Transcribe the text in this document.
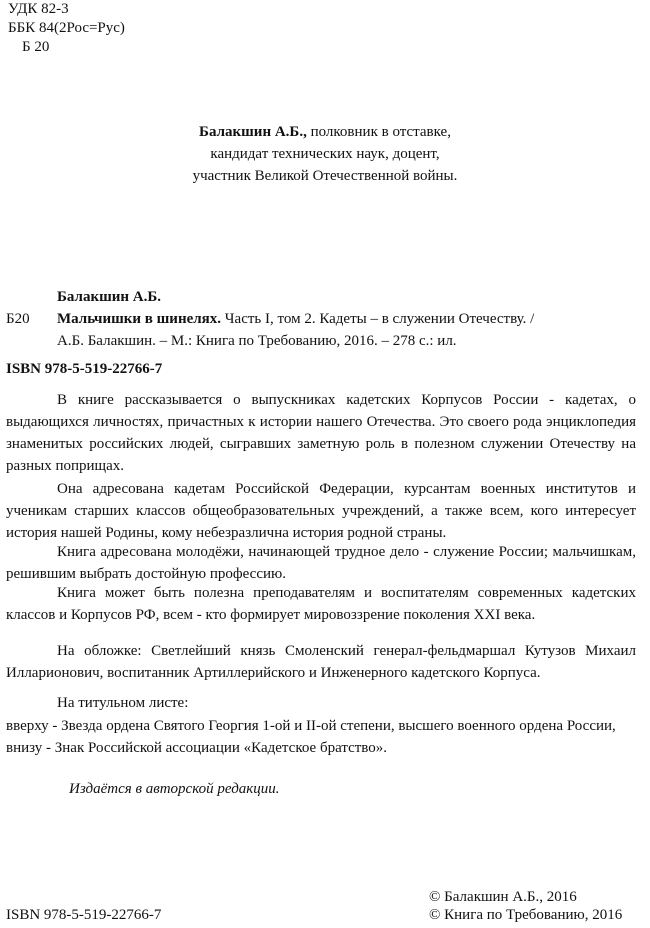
УДК 82-3
ББК 84(2Рос=Рус)
Б 20
Балакшин А.Б., полковник в отставке,
кандидат технических наук, доцент,
участник Великой Отечественной войны.
Балакшин А.Б.
Б20 Мальчишки в шинелях. Часть I, том 2. Кадеты – в служении Отечеству. /
А.Б. Балакшин. – М.: Книга по Требованию, 2016. – 278 с.: ил.
ISBN 978-5-519-22766-7
В книге рассказывается о выпускниках кадетских Корпусов России - кадетах, о выдающихся личностях, причастных к истории нашего Отечества. Это своего рода энциклопедия знаменитых российских людей, сыгравших заметную роль в полезном служении Отечеству на разных поприщах.
Она адресована кадетам Российской Федерации, курсантам военных институтов и ученикам старших классов общеобразовательных учреждений, а также всем, кого интересует история нашей Родины, кому небезразлична история родной страны.
Книга адресована молодёжи, начинающей трудное дело - служение России; мальчишкам, решившим выбрать достойную профессию.
Книга может быть полезна преподавателям и воспитателям современных кадетских классов и Корпусов РФ, всем - кто формирует мировоззрение поколения XXI века.
На обложке: Светлейший князь Смоленский генерал-фельдмаршал Кутузов Михаил Илларионович, воспитанник Артиллерийского и Инженерного кадетского Корпуса.
На титульном листе:
вверху - Звезда ордена Святого Георгия 1-ой и II-ой степени, высшего военного ордена России, внизу - Знак Российской ассоциации «Кадетское братство».
Издаётся в авторской редакции.
© Балакшин А.Б., 2016
© Книга по Требованию, 2016
ISBN 978-5-519-22766-7
